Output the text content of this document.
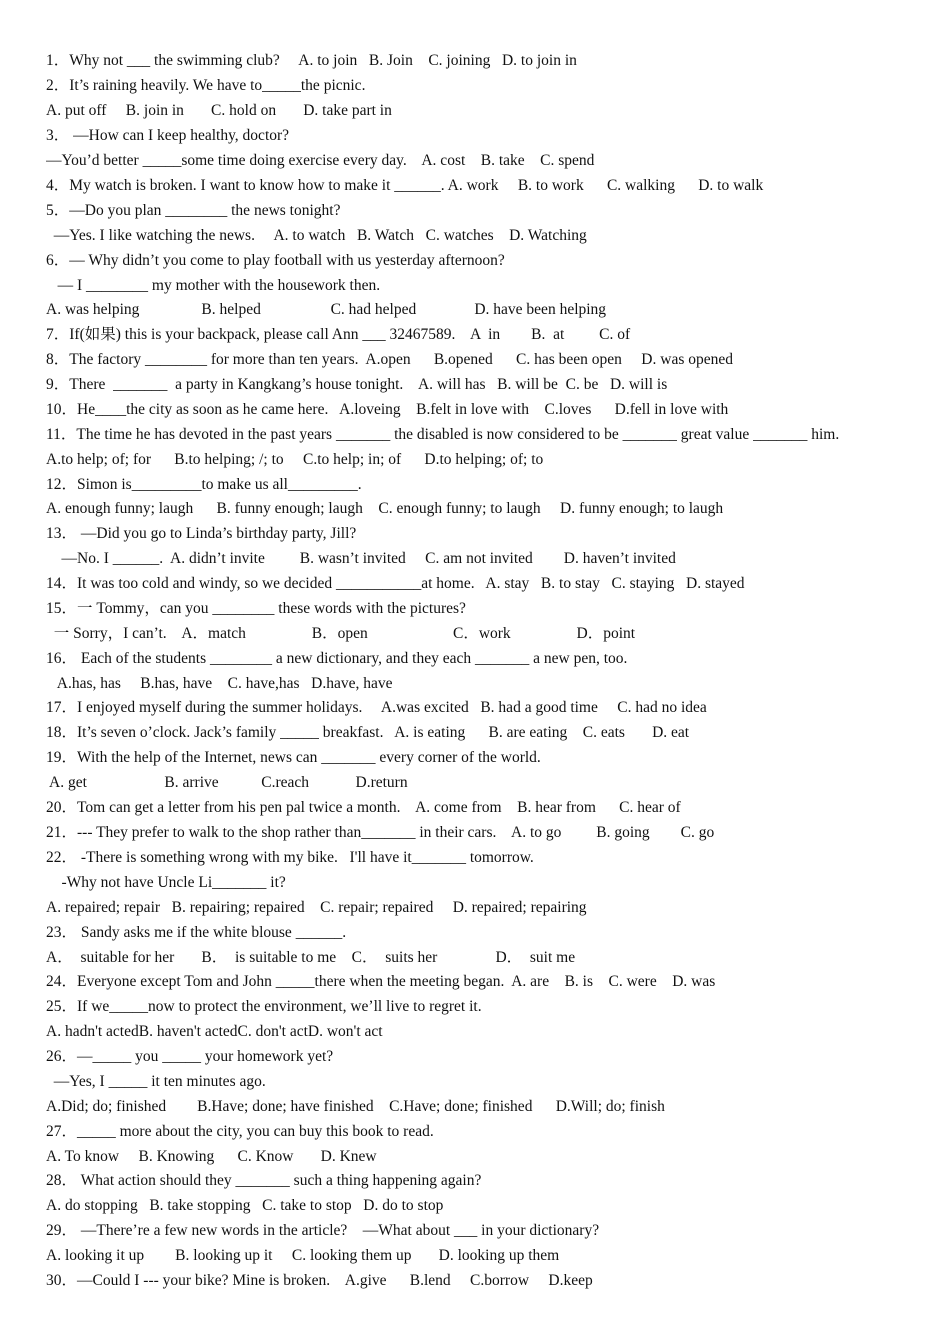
1．Why not ___ the swimming club?     A. to join   B. Join    C. joining   D. to join in
2．It’s raining heavily. We have to_____the picnic.
A. put off     B. join in       C. hold on       D. take part in
3． —How can I keep healthy, doctor?
—You’d better _____some time doing exercise every day.    A. cost    B. take    C. spend
4．My watch is broken. I want to know how to make it ______. A. work     B. to work      C. walking      D. to walk
5．—Do you plan ________ the news tonight?
—Yes. I like watching the news.     A. to watch   B. Watch   C. watches    D. Watching
6．— Why didn’t you come to play football with us yesterday afternoon?
— I ________ my mother with the housework then.
A. was helping                B. helped                  C. had helped               D. have been helping
7．If(如果) this is your backpack, please call Ann ___ 32467589.    A  in        B.  at         C. of
8．The factory ________ for more than ten years.  A.open      B.opened      C. has been open     D. was opened
9．There  _______  a party in Kangkang’s house tonight.    A. will has   B. will be  C. be   D. will is
10．He____the city as soon as he came here.   A.loveing    B.felt in love with    C.loves      D.fell in love with
11．The time he has devoted in the past years _______ the disabled is now considered to be _______ great value _______ him.
A.to help; of; for      B.to helping; /; to     C.to help; in; of      D.to helping; of; to
12．Simon is_________to make us all_________.
A. enough funny; laugh      B. funny enough; laugh    C. enough funny; to laugh     D. funny enough; to laugh
13． —Did you go to Linda’s birthday party, Jill?
—No. I ______.  A. didn’t invite         B. wasn’t invited     C. am not invited        D. haven’t invited
14．It was too cold and windy, so we decided ___________at home.   A. stay   B. to stay   C. staying   D. stayed
15．一 Tommy，can you ________ these words with the pictures?
一 Sorry，I can’t.    A．match                 B．open                      C．work                 D．point
16． Each of the students ________ a new dictionary, and they each _______ a new pen, too.
A.has, has     B.has, have    C. have,has   D.have, have
17．I enjoyed myself during the summer holidays.     A.was excited   B. had a good time     C. had no idea
18．It’s seven o’clock. Jack’s family _____ breakfast.   A. is eating      B. are eating    C. eats       D. eat
19．With the help of the Internet, news can _______ every corner of the world.
A. get                    B. arrive           C.reach            D.return
20．Tom can get a letter from his pen pal twice a month.    A. come from    B. hear from      C. hear of
21．--- They prefer to walk to the shop rather than_______ in their cars.    A. to go         B. going        C. go
22． -There is something wrong with my bike.   I'll have it_______ tomorrow.
-Why not have Uncle Li_______ it?
A. repaired; repair   B. repairing; repaired    C. repair; repaired     D. repaired; repairing
23． Sandy asks me if the white blouse ______.
A．  suitable for her       B．  is suitable to me    C．  suits her               D．  suit me
24．Everyone except Tom and John _____there when the meeting began.  A. are    B. is    C. were    D. was
25．If we_____now to protect the environment, we’ll live to regret it.
A. hadn't actedB. haven't actedC. don't actD. won't act
26．—_____ you _____ your homework yet?
—Yes, I _____ it ten minutes ago.
A.Did; do; finished        B.Have; done; have finished    C.Have; done; finished      D.Will; do; finish
27．_____ more about the city, you can buy this book to read.
A. To know     B. Knowing      C. Know       D. Knew
28． What action should they _______ such a thing happening again?
A. do stopping   B. take stopping   C. take to stop   D. do to stop
29． —There’re a few new words in the article?    —What about ___ in your dictionary?
A. looking it up        B. looking up it     C. looking them up       D. looking up them
30．—Could I --- your bike? Mine is broken.    A.give      B.lend     C.borrow     D.keep
